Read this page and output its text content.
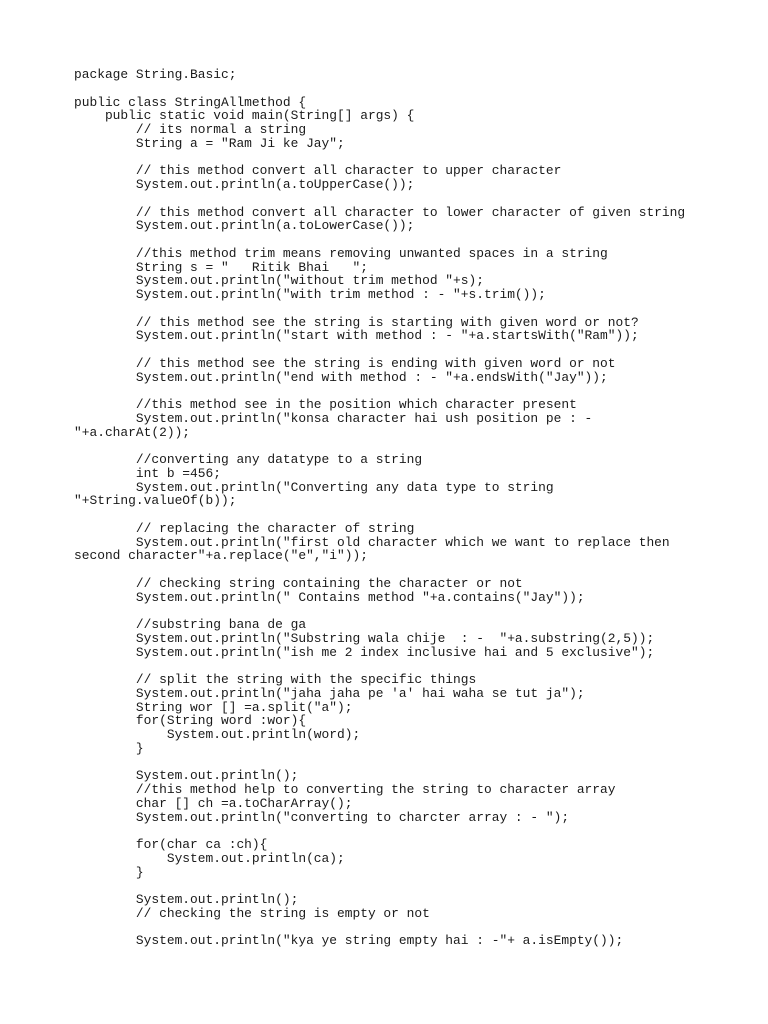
package String.Basic;
public class StringAllmethod {
public static void main(String[] args) {
// its normal a string
String a = "Ram Ji ke Jay";
// this method convert all character to upper character
System.out.println(a.toUpperCase());
// this method convert all character to lower character of given string
System.out.println(a.toLowerCase());
//this method trim means removing unwanted spaces in a string
String s = "   Ritik Bhai   ";
System.out.println("without trim method "+s);
System.out.println("with trim method : - "+s.trim());
// this method see the string is starting with given word or not?
System.out.println("start with method : - "+a.startsWith("Ram"));
// this method see the string is ending with given word or not
System.out.println("end with method : - "+a.endsWith("Jay"));
//this method see in the position which character present
System.out.println("konsa character hai ush position pe : -
"+a.charAt(2));
//converting any datatype to a string
int b =456;
System.out.println("Converting any data type to string
"+String.valueOf(b));
// replacing the character of string
System.out.println("first old character which we want to replace then
second character"+a.replace("e","i"));
// checking string containing the character or not
System.out.println(" Contains method "+a.contains("Jay"));
//substring bana de ga
System.out.println("Substring wala chije  : -  "+a.substring(2,5));
System.out.println("ish me 2 index inclusive hai and 5 exclusive");
// split the string with the specific things
System.out.println("jaha jaha pe 'a' hai waha se tut ja");
String wor [] =a.split("a");
for(String word :wor){
System.out.println(word);
}
System.out.println();
//this method help to converting the string to character array
char [] ch =a.toCharArray();
System.out.println("converting to charcter array : - ");
for(char ca :ch){
System.out.println(ca);
}
System.out.println();
// checking the string is empty or not
System.out.println("kya ye string empty hai : -"+ a.isEmpty());
